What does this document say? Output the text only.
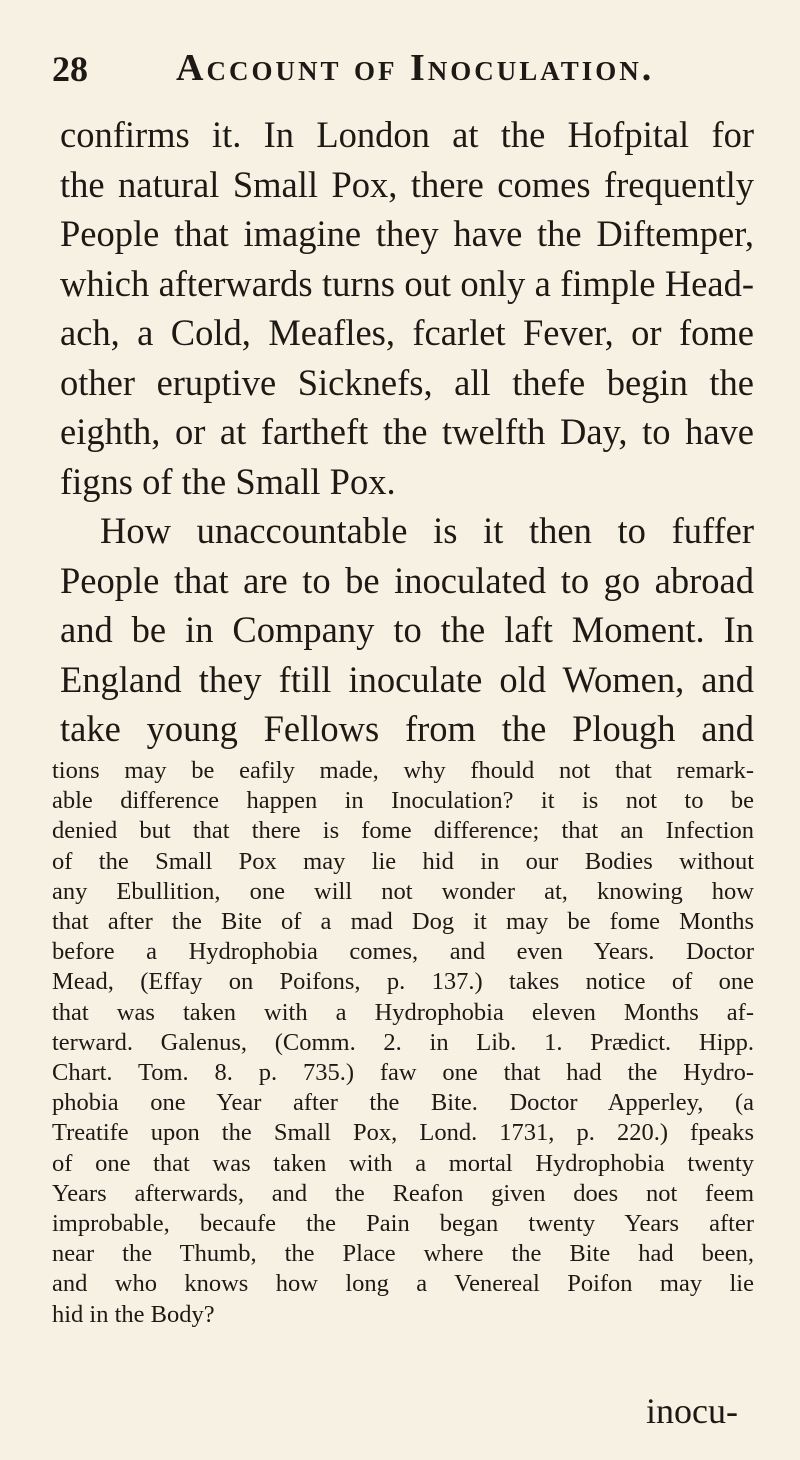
28 Account of Inoculation.
confirms it. In London at the Hofpital for
the natural Small Pox, there comes frequently
People that imagine they have the Diftemper,
which afterwards turns out only a fimple Head-
ach, a Cold, Meafles, fcarlet Fever, or fome
other eruptive Sicknefs, all thefe begin the
eighth, or at fartheft the twelfth Day, to have
figns of the Small Pox.
How unaccountable is it then to fuffer
People that are to be inoculated to go abroad
and be in Company to the laft Moment. In
England they ftill inoculate old Women, and
take young Fellows from the Plough and
tions may be eafily made, why fhould not that remark-
able difference happen in Inoculation? it is not to be
denied but that there is fome difference; that an Infection
of the Small Pox may lie hid in our Bodies without
any Ebullition, one will not wonder at, knowing how
that after the Bite of a mad Dog it may be fome Months
before a Hydrophobia comes, and even Years. Doctor
Mead, (Effay on Poifons, p. 137.) takes notice of one
that was taken with a Hydrophobia eleven Months af-
terward. Galenus, (Comm. 2. in Lib. 1. Prædict. Hipp.
Chart. Tom. 8. p. 735.) faw one that had the Hydro-
phobia one Year after the Bite. Doctor Apperley, (a
Treatife upon the Small Pox, Lond. 1731, p. 220.) fpeaks
of one that was taken with a mortal Hydrophobia twenty
Years afterwards, and the Reafon given does not feem
improbable, becaufe the Pain began twenty Years after
near the Thumb, the Place where the Bite had been,
and who knows how long a Venereal Poifon may lie
hid in the Body?
inocu-
